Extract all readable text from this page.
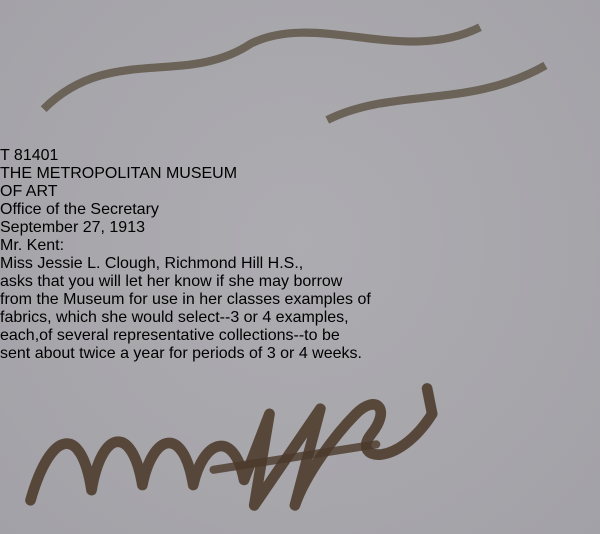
T 81401
THE METROPOLITAN MUSEUM
OF ART
Office of the Secretary
September 27, 1913
Mr. Kent:
Miss Jessie L. Clough, Richmond Hill H.S.,
asks that you will let her know if she may borrow
from the Museum for use in her classes examples of
fabrics, which she would select--3 or 4 examples,
each,of several representative collections--to be
sent about twice a year for periods of 3 or 4 weeks.
